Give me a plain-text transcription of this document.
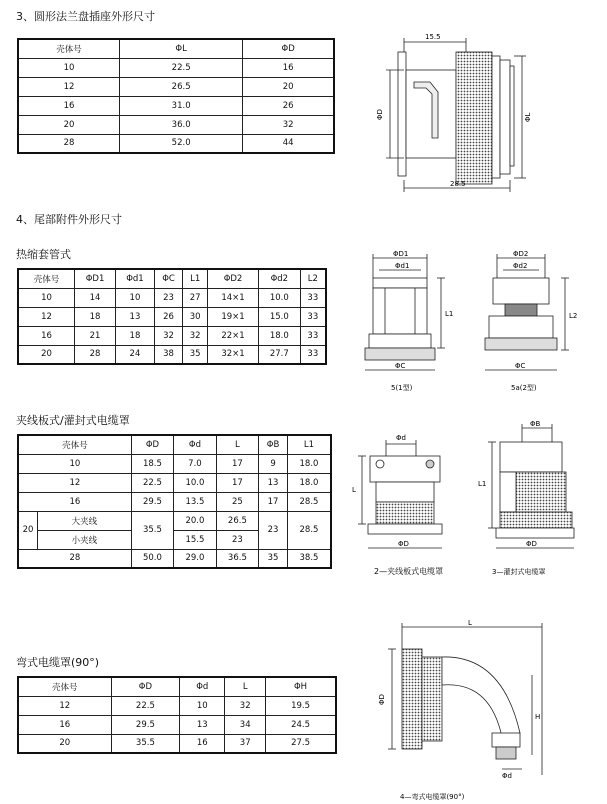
3、圆形法兰盘插座外形尺寸
壳体号	ΦL	ΦD
10	22.5	16
12	26.5	20
16	31.0	26
20	36.0	32
28	52.0	44
15.5
28.5
ΦD	ΦL
4、尾部附件外形尺寸
热缩套管式
壳体号	ΦD1	Φd1	ΦC	L1	ΦD2	Φd2	L2
10	14	10	23	27	14×1	10.0	33
12	18	13	26	30	19×1	15.0	33
16	21	18	32	32	22×1	18.0	33
20	28	24	38	35	32×1	27.7	33
ΦD1
Φd1
L1
ΦC
5(1型)
ΦD2
Φd2
L2
ΦC
5a(2型)
夹线板式/灌封式电缆罩
壳体号		ΦD	Φd	L	ΦB	L1
10		18.5	7.0	17	9	18.0
12		22.5	10.0	17	13	18.0
16		29.5	13.5	25	17	28.5
20	大夹线	35.5	20.0	26.5	23	28.5
	小夹线		15.5	23		
28		50.0	29.0	36.5	35	38.5
Φd
L
ΦD
2—夹线板式电缆罩
ΦB
L1
ΦD
3—灌封式电缆罩
弯式电缆罩(90°)
壳体号	ΦD	Φd	L	ΦH
12	22.5	10	32	19.5
16	29.5	13	34	24.5
20	35.5	16	37	27.5
L
ΦD
H
Φd
4—弯式电缆罩(90°)
